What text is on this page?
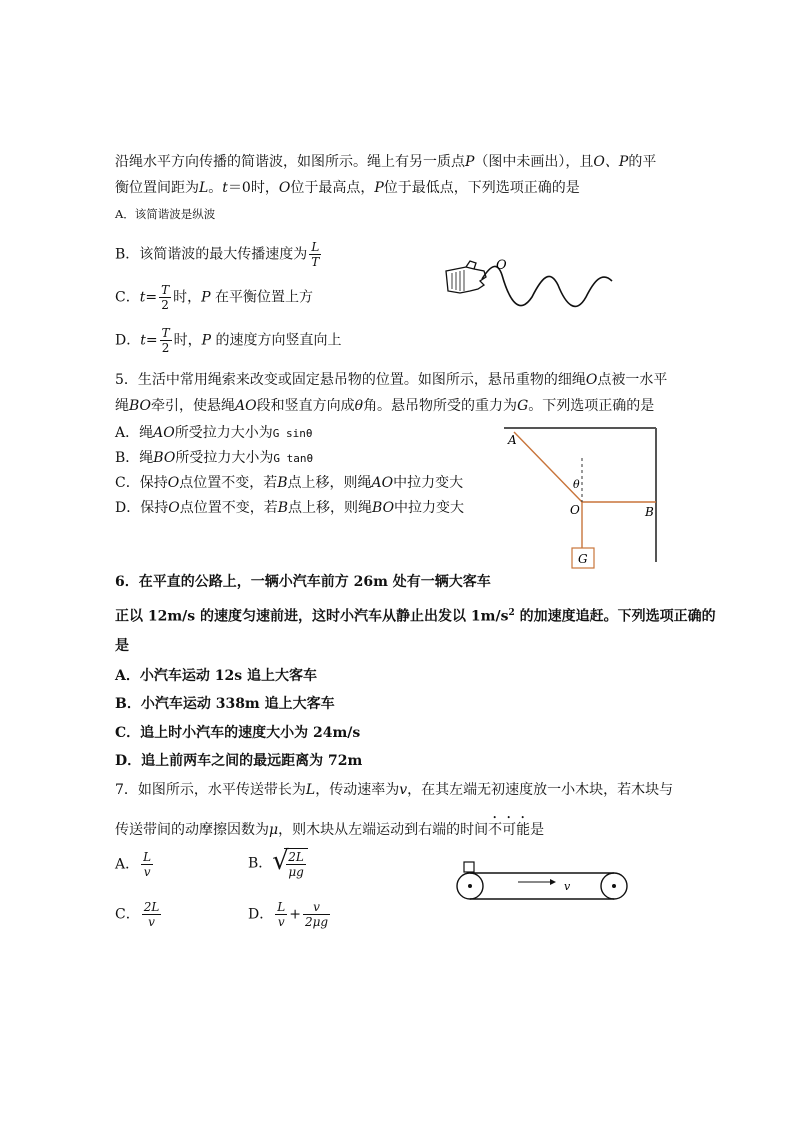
沿绳水平方向传播的简谐波，如图所示。绳上有另一质点P（图中未画出），且O、P的平
衡位置间距为L。t＝0时，O位于最高点，P位于最低点，下列选项正确的是
A．该简谐波是纵波
B．该简谐波的最大传播速度为 $\frac{L}{T}$
C．$t= \frac{T}{2}$ 时，P 在平衡位置上方
D．$t= \frac{T}{2}$ 时，P 的速度方向竖直向上
O
5．生活中常用绳索来改变或固定悬吊物的位置。如图所示，悬吊重物的细绳O点被一水平
绳BO牵引，使悬绳AO段和竖直方向成θ角。悬吊物所受的重力为G。下列选项正确的是
A．绳AO所受拉力大小为G sinθ
B．绳BO所受拉力大小为G tanθ
C．保持O点位置不变，若B点上移，则绳AO中拉力变大
D．保持O点位置不变，若B点上移，则绳BO中拉力变大
A
θ
O	B
G
6．在平直的公路上，一辆小汽车前方 26m 处有一辆大客车
正以 12m/s 的速度匀速前进，这时小汽车从静止出发以 $1m/s^2$ 的加速度追赶。下列选项正确的
是
A．小汽车运动 12s 追上大客车
B．小汽车运动 338m 追上大客车
C．追上时小汽车的速度大小为 24m/s
D．追上前两车之间的最远距离为 72m
7．如图所示，水平传送带长为L，传动速率为v，在其左端无初速度放一小木块，若木块与
传送带间的动摩擦因数为μ，则木块从左端运动到右端的时间不可能是
A． $\frac{L}{v}$	B． √
$\frac{2L}{\mu g}$
C． $\frac{2L}{v}$	D． $\frac{L}{v} + \frac{v}{2\mu g}$
v
